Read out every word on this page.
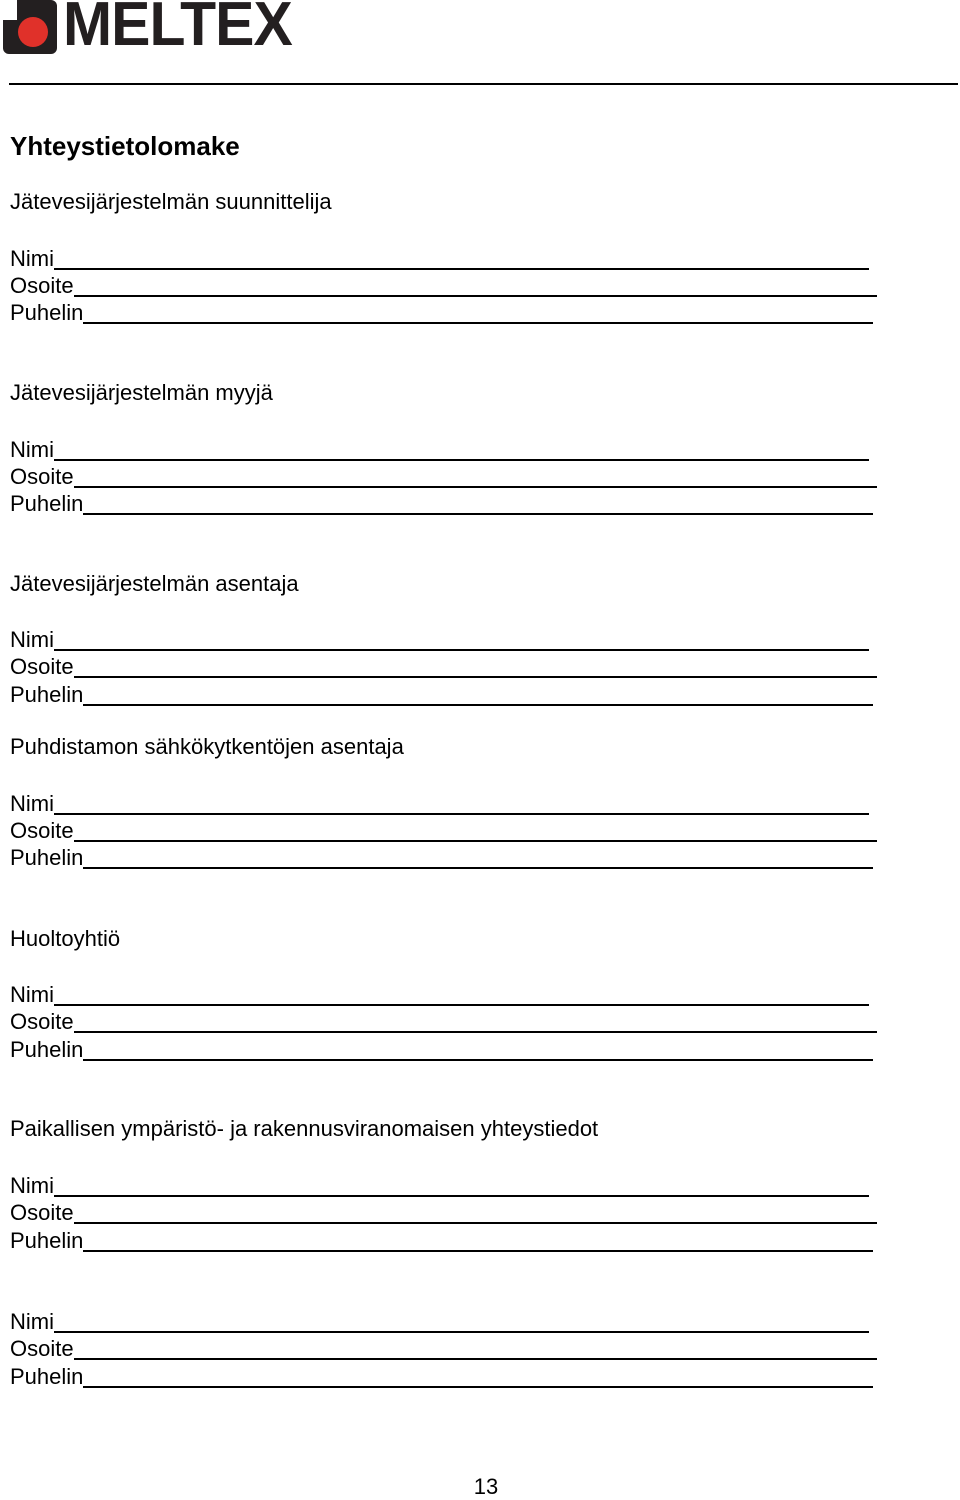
MELTEX
Yhteystietolomake
Jätevesijärjestelmän suunnittelija
Nimi
Osoite
Puhelin
Jätevesijärjestelmän myyjä
Nimi
Osoite
Puhelin
Jätevesijärjestelmän asentaja
Nimi
Osoite
Puhelin
Puhdistamon sähkökytkentöjen asentaja
Nimi
Osoite
Puhelin
Huoltoyhtiö
Nimi
Osoite
Puhelin
Paikallisen ympäristö- ja rakennusviranomaisen yhteystiedot
Nimi
Osoite
Puhelin
Nimi
Osoite
Puhelin
13
